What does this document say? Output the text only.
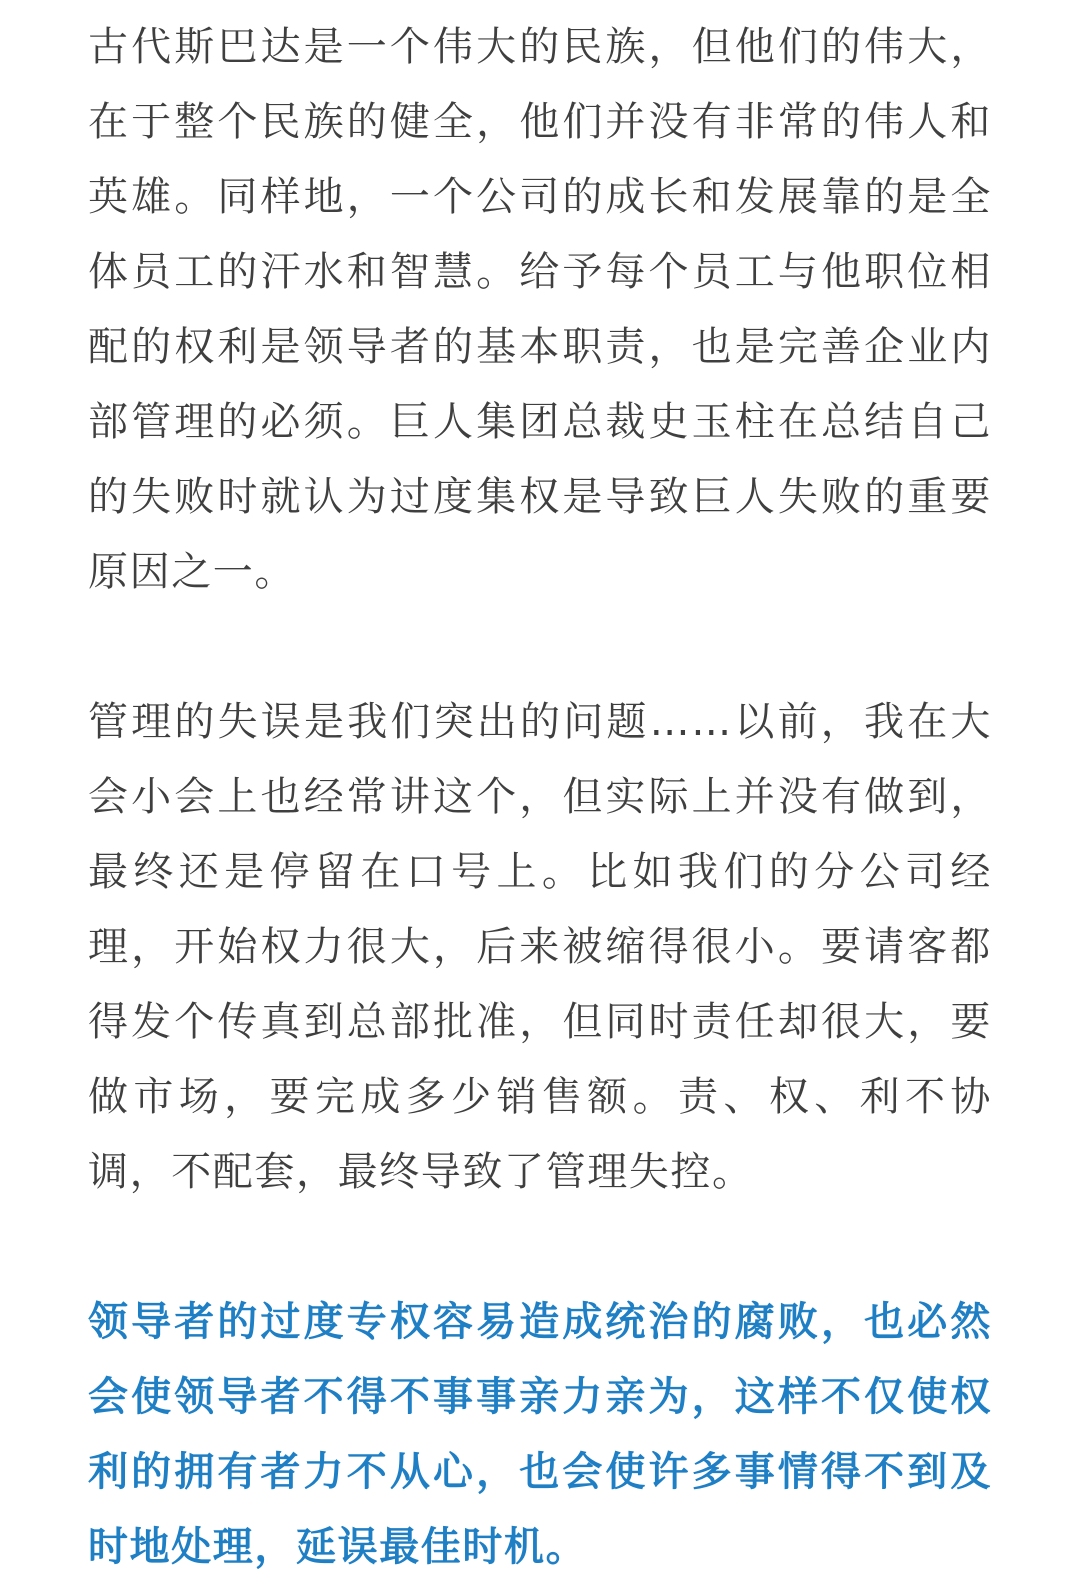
古代斯巴达是一个伟大的民族，但他们的伟大，在于整个民族的健全，他们并没有非常的伟人和英雄。同样地，一个公司的成长和发展靠的是全体员工的汗水和智慧。给予每个员工与他职位相配的权利是领导者的基本职责，也是完善企业内部管理的必须。巨人集团总裁史玉柱在总结自己的失败时就认为过度集权是导致巨人失败的重要原因之一。

管理的失误是我们突出的问题……以前，我在大会小会上也经常讲这个，但实际上并没有做到，最终还是停留在口号上。比如我们的分公司经理，开始权力很大，后来被缩得很小。要请客都得发个传真到总部批准，但同时责任却很大，要做市场，要完成多少销售额。责、权、利不协调，不配套，最终导致了管理失控。

领导者的过度专权容易造成统治的腐败，也必然会使领导者不得不事事亲力亲为，这样不仅使权利的拥有者力不从心，也会使许多事情得不到及时地处理，延误最佳时机。
